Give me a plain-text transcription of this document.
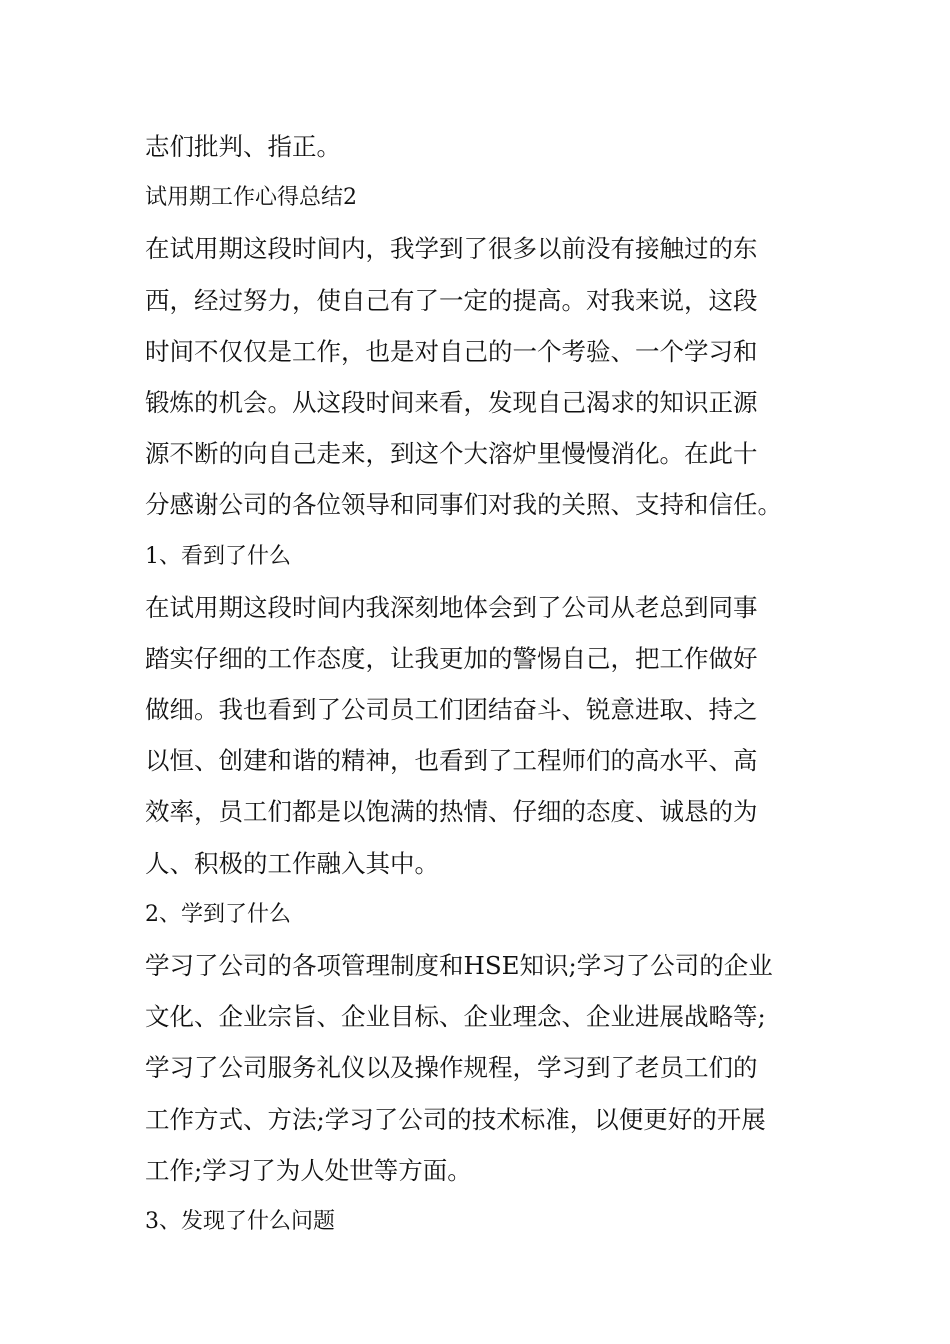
志们批判、指正。
试用期工作心得总结2
在试用期这段时间内，我学到了很多以前没有接触过的东
西，经过努力，使自己有了一定的提高。对我来说，这段
时间不仅仅是工作，也是对自己的一个考验、一个学习和
锻炼的机会。从这段时间来看，发现自己渴求的知识正源
源不断的向自己走来，到这个大溶炉里慢慢消化。在此十
分感谢公司的各位领导和同事们对我的关照、支持和信任。
1、看到了什么
在试用期这段时间内我深刻地体会到了公司从老总到同事
踏实仔细的工作态度，让我更加的警惕自己，把工作做好
做细。我也看到了公司员工们团结奋斗、锐意进取、持之
以恒、创建和谐的精神，也看到了工程师们的高水平、高
效率，员工们都是以饱满的热情、仔细的态度、诚恳的为
人、积极的工作融入其中。
2、学到了什么
学习了公司的各项管理制度和HSE知识;学习了公司的企业
文化、企业宗旨、企业目标、企业理念、企业进展战略等;
学习了公司服务礼仪以及操作规程，学习到了老员工们的
工作方式、方法;学习了公司的技术标准，以便更好的开展
工作;学习了为人处世等方面。
3、发现了什么问题
